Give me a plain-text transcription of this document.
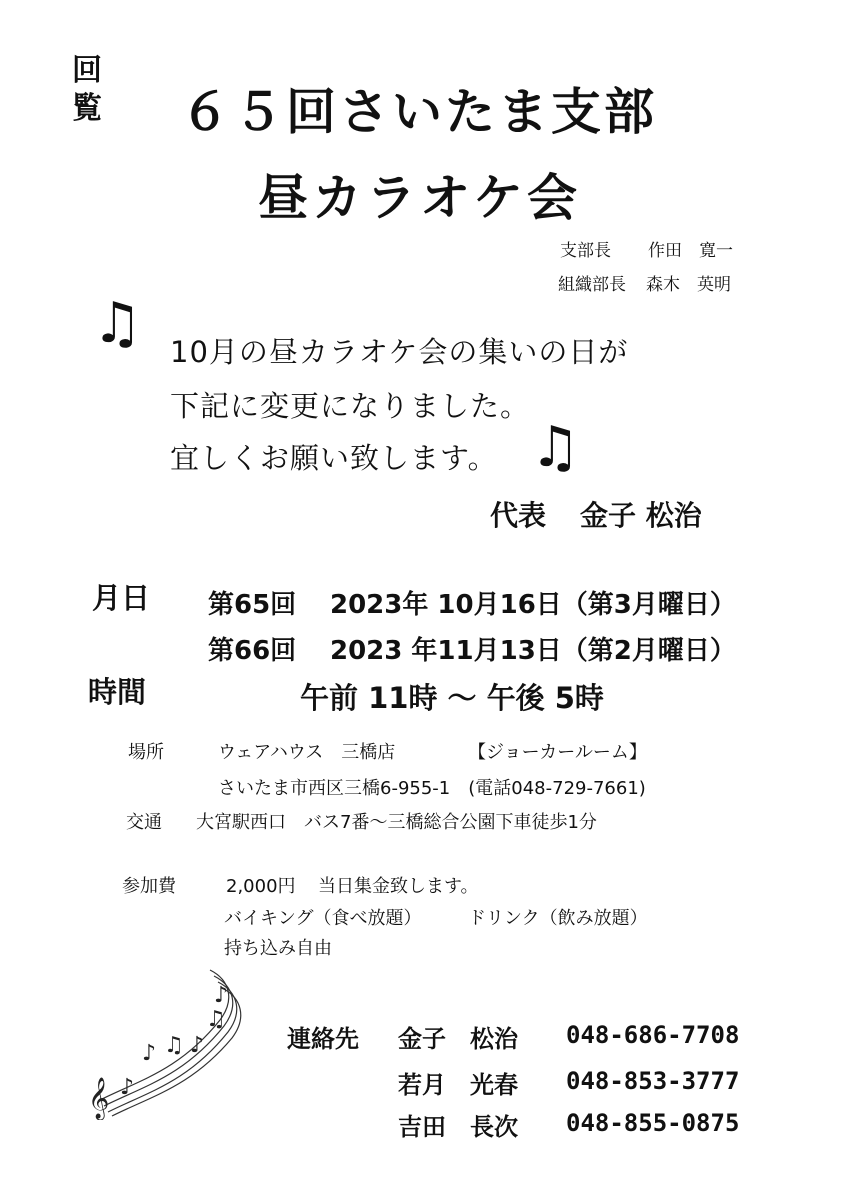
回
覧 ６５回さいたま支部
昼カラオケ会
支部長 作田　寛一
組織部長 森木　英明
♫
♫
10月の昼カラオケ会の集いの日が
下記に変更になりました。
宜しくお願い致します。
代表 金子 松治
月日 第65回 2023年 10月16日（第3月曜日）
第66回 2023 年11月13日（第2月曜日）
時間	午前 11時 ～ 午後 5時
場所	ウェアハウス　三橋店	【ジョーカールーム】
さいたま市西区三橋6-955-1　(電話048-729-7661)
交通 大宮駅西口　バス7番～三橋総合公園下車徒歩1分
参加費	2,000円 当日集金致します。
バイキング（食べ放題）	ドリンク（飲み放題）
持ち込み自由
𝄞 ♪
♪ ♫ ♪
♫
♪
連絡先 金子　松治 048-686-7708
若月　光春 048-853-3777
吉田　長次 048-855-0875
